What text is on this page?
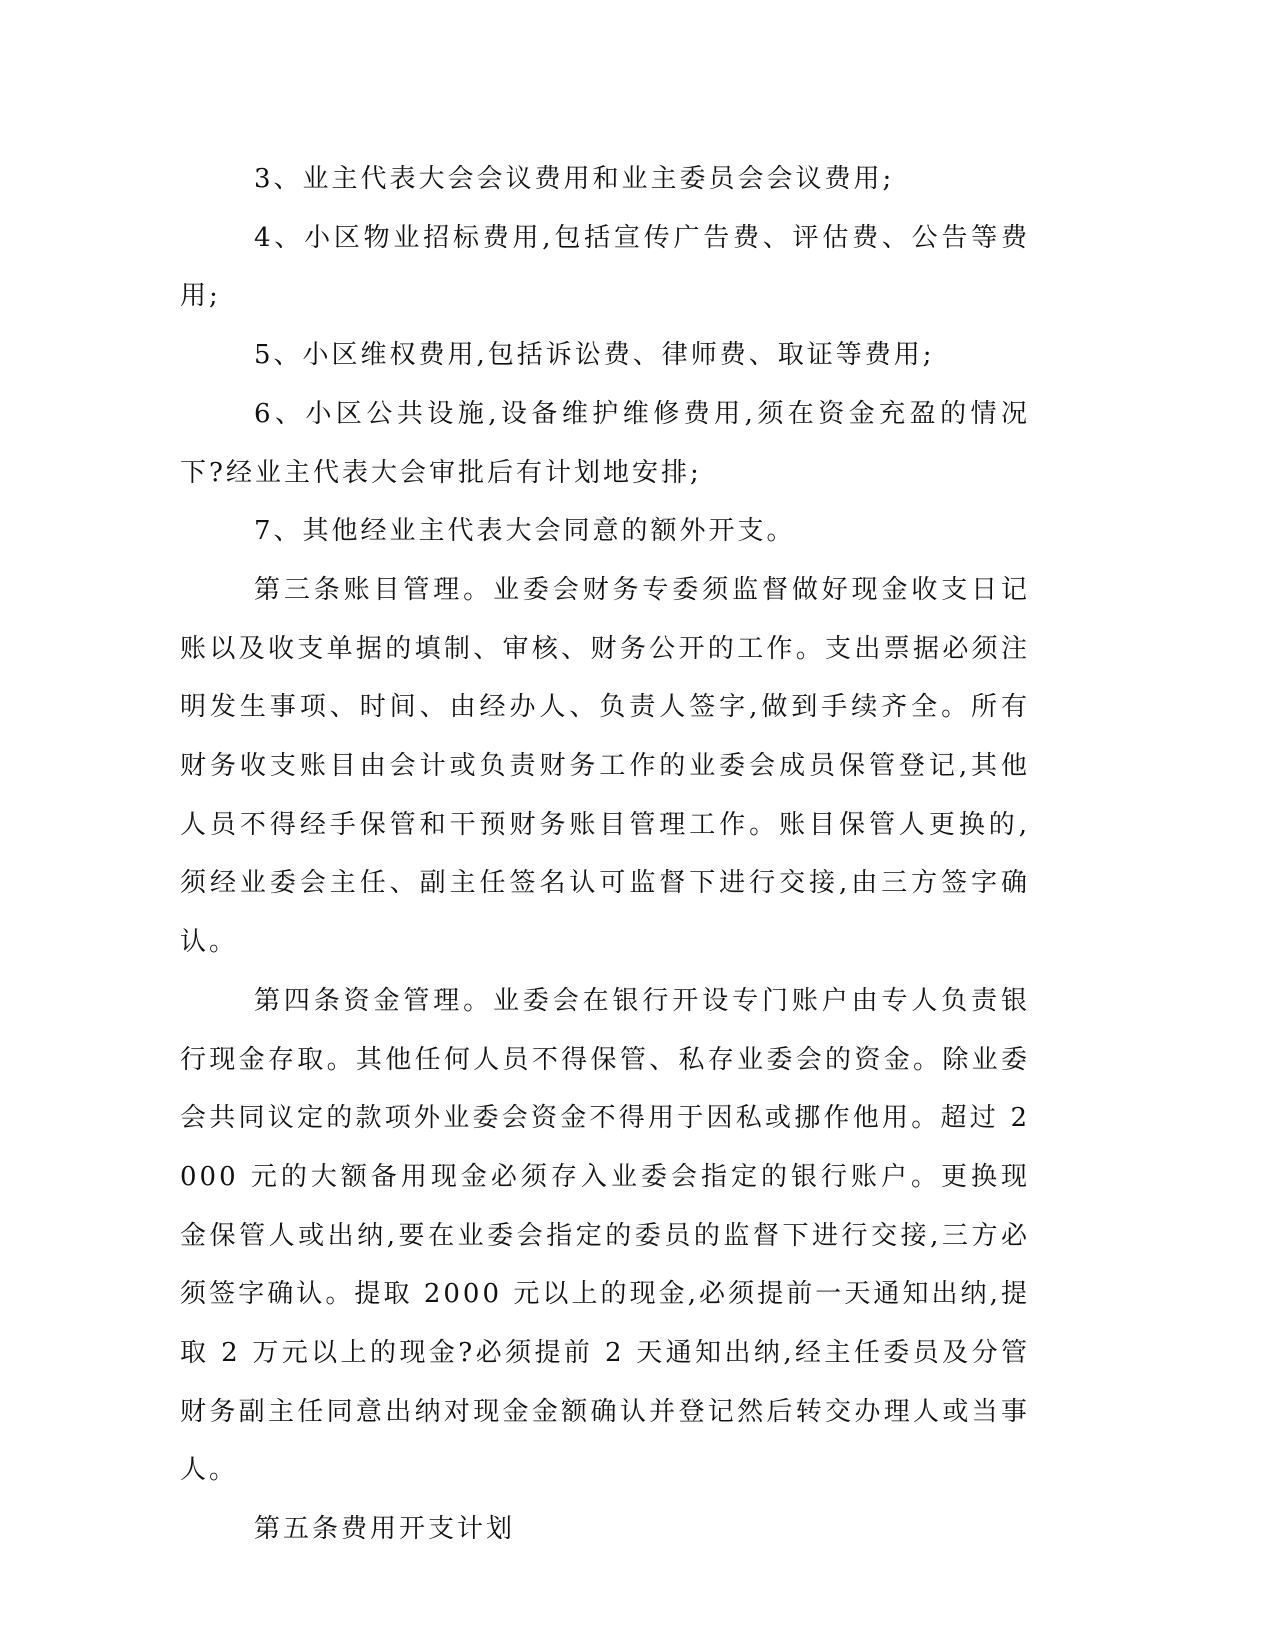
3、业主代表大会会议费用和业主委员会会议费用;

4、小区物业招标费用,包括宣传广告费、评估费、公告等费用;

5、小区维权费用,包括诉讼费、律师费、取证等费用;

6、小区公共设施,设备维护维修费用,须在资金充盈的情况下?经业主代表大会审批后有计划地安排;

7、其他经业主代表大会同意的额外开支。

第三条账目管理。业委会财务专委须监督做好现金收支日记账以及收支单据的填制、审核、财务公开的工作。支出票据必须注明发生事项、时间、由经办人、负责人签字,做到手续齐全。所有财务收支账目由会计或负责财务工作的业委会成员保管登记,其他人员不得经手保管和干预财务账目管理工作。账目保管人更换的,须经业委会主任、副主任签名认可监督下进行交接,由三方签字确认。

第四条资金管理。业委会在银行开设专门账户由专人负责银行现金存取。其他任何人员不得保管、私存业委会的资金。除业委会共同议定的款项外业委会资金不得用于因私或挪作他用。超过 2000 元的大额备用现金必须存入业委会指定的银行账户。更换现金保管人或出纳,要在业委会指定的委员的监督下进行交接,三方必须签字确认。提取 2000 元以上的现金,必须提前一天通知出纳,提取 2 万元以上的现金?必须提前 2 天通知出纳,经主任委员及分管财务副主任同意出纳对现金金额确认并登记然后转交办理人或当事人。

第五条费用开支计划
